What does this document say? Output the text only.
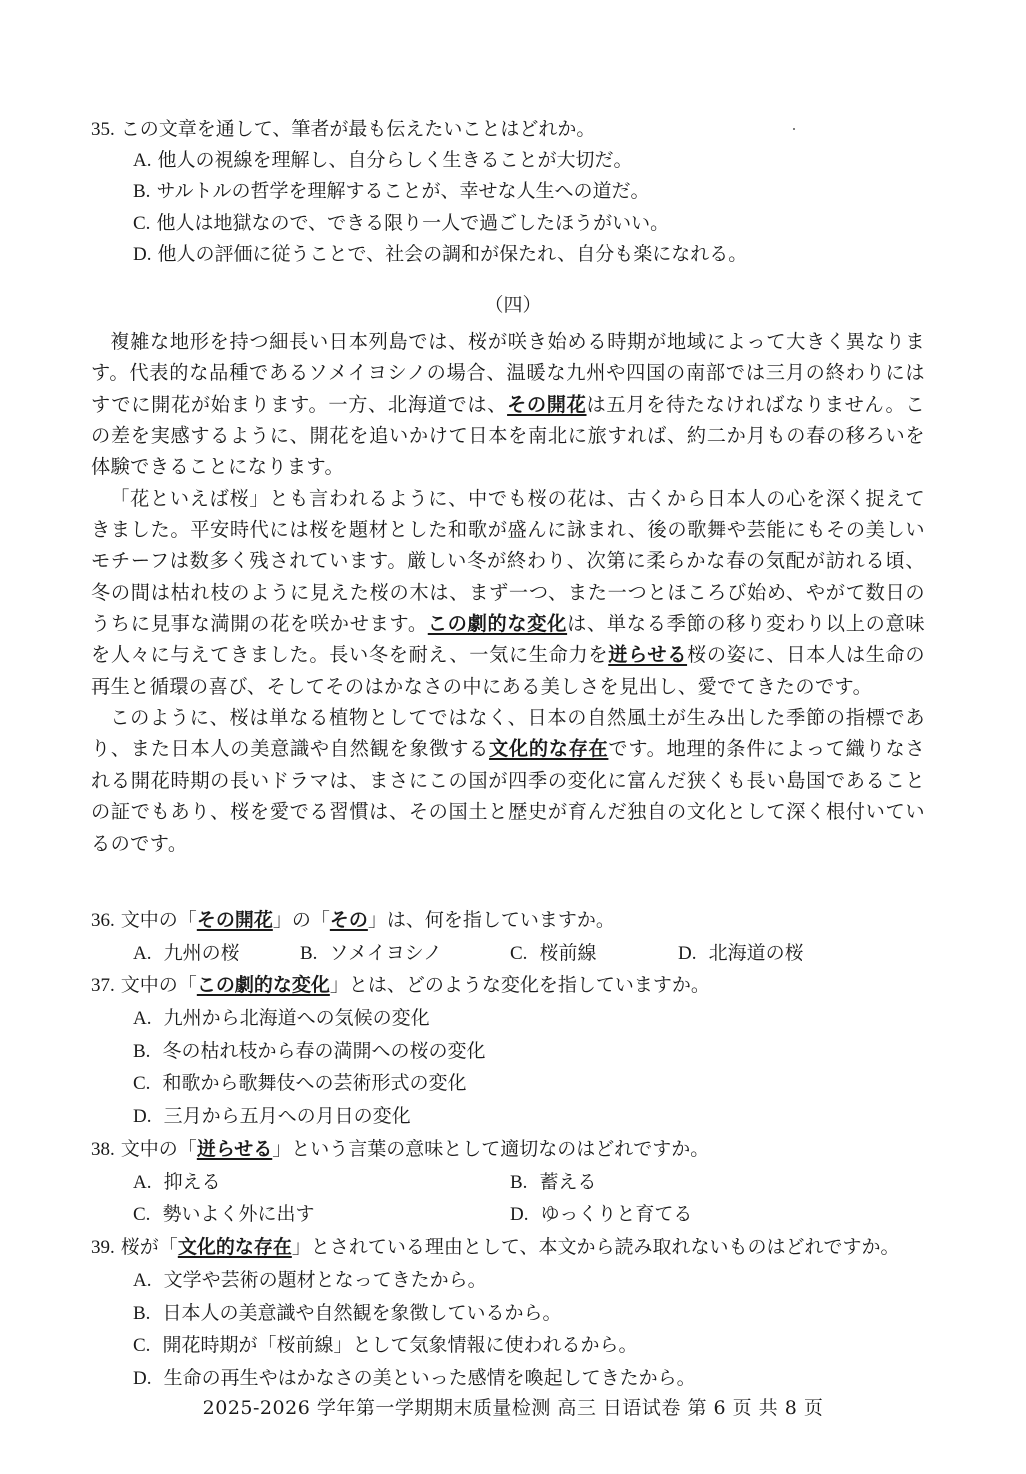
35. この文章を通して、筆者が最も伝えたいことはどれか。
A. 他人の視線を理解し、自分らしく生きることが大切だ。
B. サルトルの哲学を理解することが、幸せな人生への道だ。
C. 他人は地獄なので、できる限り一人で過ごしたほうがいい。
D. 他人の評価に従うことで、社会の調和が保たれ、自分も楽になれる。
（四）

複雑な地形を持つ細長い日本列島では、桜が咲き始める時期が地域によって大きく異なります。代表的な品種であるソメイヨシノの場合、温暖な九州や四国の南部では三月の終わりにはすでに開花が始まります。一方、北海道では、その開花は五月を待たなければなりません。この差を実感するように、開花を追いかけて日本を南北に旅すれば、約二か月もの春の移ろいを体験できることになります。

「花といえば桜」とも言われるように、中でも桜の花は、古くから日本人の心を深く捉えてきました。平安時代には桜を題材とした和歌が盛んに詠まれ、後の歌舞や芸能にもその美しいモチーフは数多く残されています。厳しい冬が終わり、次第に柔らかな春の気配が訪れる頃、冬の間は枯れ枝のように見えた桜の木は、まず一つ、また一つとほころび始め、やがて数日のうちに見事な満開の花を咲かせます。この劇的な変化は、単なる季節の移り変わり以上の意味を人々に与えてきました。長い冬を耐え、一気に生命力を迸らせる桜の姿に、日本人は生命の再生と循環の喜び、そしてそのはかなさの中にある美しさを見出し、愛でてきたのです。

このように、桜は単なる植物としてではなく、日本の自然風土が生み出した季節の指標であり、また日本人の美意識や自然観を象徴する文化的な存在です。地理的条件によって織りなされる開花時期の長いドラマは、まさにこの国が四季の変化に富んだ狭くも長い島国であることの証でもあり、桜を愛でる習慣は、その国土と歴史が育んだ独自の文化として深く根付いているのです。

36. 文中の「その開花」の「その」は、何を指していますか。
A. 九州の桜	B. ソメイヨシノ	C. 桜前線	D. 北海道の桜
37. 文中の「この劇的な変化」とは、どのような変化を指していますか。
A. 九州から北海道への気候の変化
B. 冬の枯れ枝から春の満開への桜の変化
C. 和歌から歌舞伎への芸術形式の変化
D. 三月から五月への月日の変化
38. 文中の「迸らせる」という言葉の意味として適切なのはどれですか。
A. 抑える	B. 蓄える
C. 勢いよく外に出す	D. ゆっくりと育てる
39. 桜が「文化的な存在」とされている理由として、本文から読み取れないものはどれですか。
A. 文学や芸術の題材となってきたから。
B. 日本人の美意識や自然観を象徴しているから。
C. 開花時期が「桜前線」として気象情報に使われるから。
D. 生命の再生やはかなさの美といった感情を喚起してきたから。
2025-2026 学年第一学期期末质量检测 高三 日语试卷 第 6 页 共 8 页
